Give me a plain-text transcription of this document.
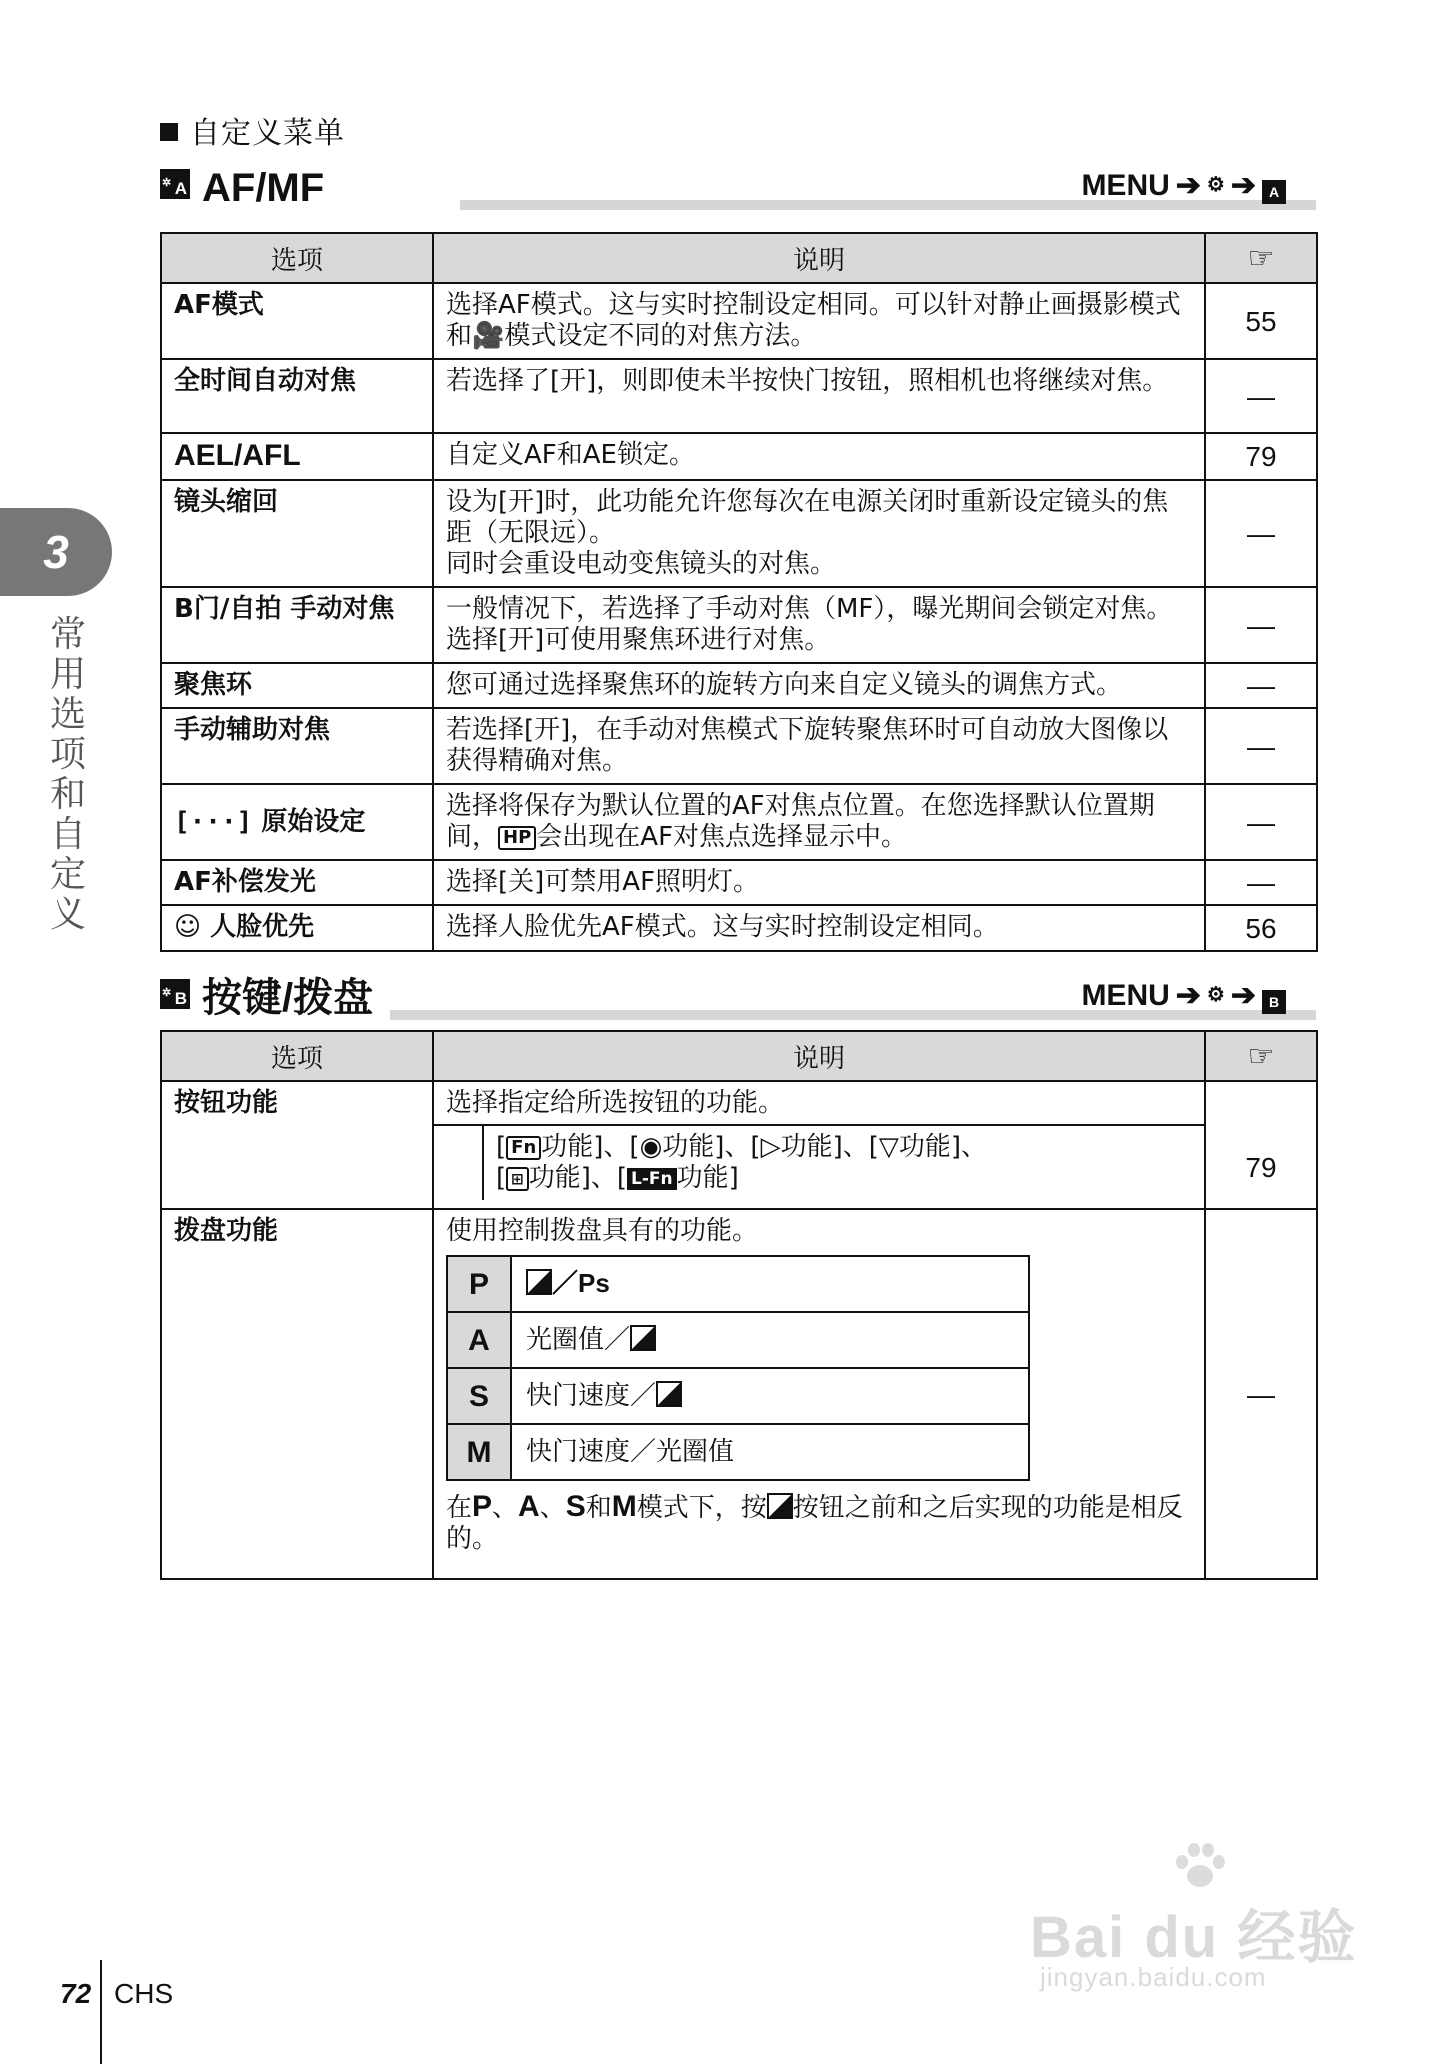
自定义菜单
✲ A AF/MF	MENU ➔ ⚙ ➔ A
选项	说明	☞
AF模式	选择AF模式。这与实时控制设定相同。可以针对静止画摄影模式和🎥模式设定不同的对焦方法。	55
全时间自动对焦	若选择了[开]，则即使未半按快门按钮，照相机也将继续对焦。	—
AEL/AFL	自定义AF和AE锁定。	79
镜头缩回	设为[开]时，此功能允许您每次在电源关闭时重新设定镜头的焦距（无限远）。
同时会重设电动变焦镜头的对焦。	—
B门/自拍 手动对焦	一般情况下，若选择了手动对焦（MF），曝光期间会锁定对焦。选择[开]可使用聚焦环进行对焦。	—
聚焦环	您可通过选择聚焦环的旋转方向来自定义镜头的调焦方式。	—
手动辅助对焦	若选择[开]，在手动对焦模式下旋转聚焦环时可自动放大图像以获得精确对焦。	—
[···] 原始设定	选择将保存为默认位置的AF对焦点位置。在您选择默认位置期间， HP 会出现在AF对焦点选择显示中。	—
AF补偿发光	选择[关]可禁用AF照明灯。	—
☺ 人脸优先	选择人脸优先AF模式。这与实时控制设定相同。	56
✲ B 按键/拨盘	MENU ➔ ⚙ ➔ B
选项	说明	☞
按钮功能	选择指定给所选按钮的功能。
[ Fn 功能]、[◉功能]、[▷功能]、[▽功能]、
[ ⊞ 功能]、[ L-Fn 功能]	79
拨盘功能	使用控制拨盘具有的功能。
P	／Ps
A	光圈值／
S	快门速度／
M	快门速度／光圈值
在P、A、S和M模式下，按 按钮之前和之后实现的功能是相反的。
	—
3
常用选项和自定义
72 CHS
Bai du 经验
jingyan.baidu.com
